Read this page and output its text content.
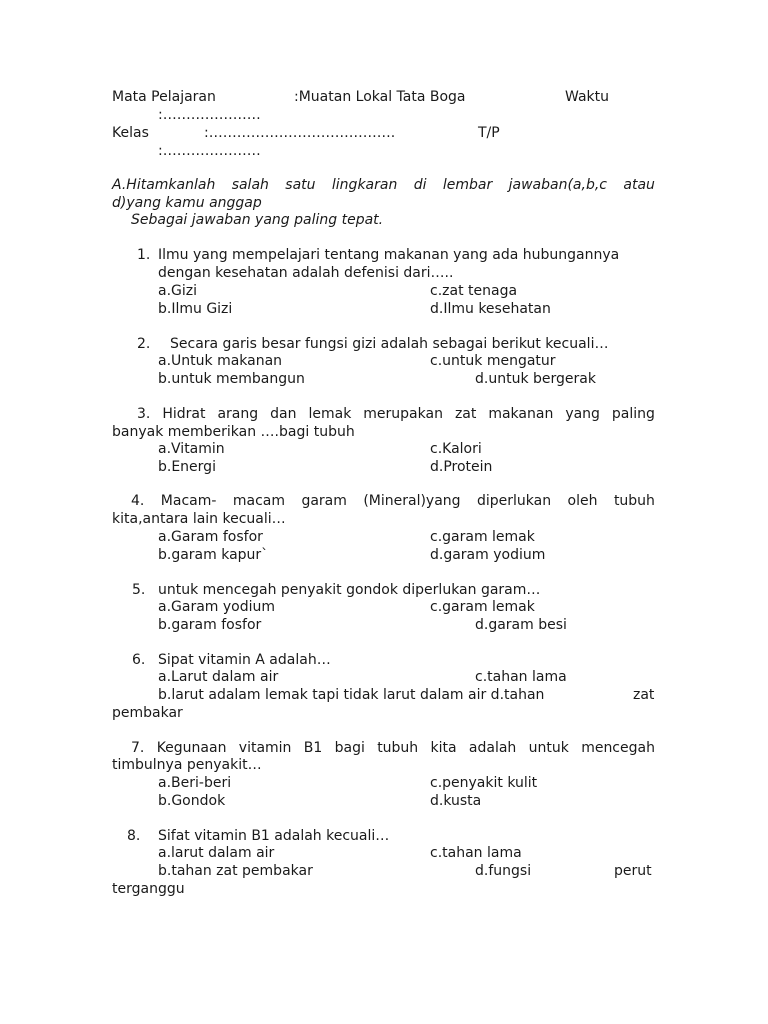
Mata Pelajaran	:Muatan Lokal Tata Boga	Waktu
:…………………
Kelas	:………………………………….	T/P
:…………………
A.Hitamkanlah salah satu lingkaran di lembar jawaban(a,b,c atau
d)yang kamu anggap
Sebagai jawaban yang paling tepat.
1. Ilmu yang mempelajari tentang makanan yang ada hubungannya
dengan kesehatan adalah defenisi dari…..
a.Gizi	c.zat tenaga
b.Ilmu Gizi	d.Ilmu kesehatan
2. Secara garis besar fungsi gizi adalah sebagai berikut kecuali…
a.Untuk makanan	c.untuk mengatur
b.untuk membangun	d.untuk bergerak
3. Hidrat arang dan lemak merupakan zat makanan yang paling
banyak memberikan ….bagi tubuh
a.Vitamin	c.Kalori
b.Energi	d.Protein
4. Macam- macam garam (Mineral)yang diperlukan oleh tubuh
kita,antara lain kecuali…
a.Garam fosfor	c.garam lemak
b.garam kapur`	d.garam yodium
5. untuk mencegah penyakit gondok diperlukan garam…
a.Garam yodium	c.garam lemak
b.garam fosfor	d.garam besi
6. Sipat vitamin A adalah…
a.Larut dalam air	c.tahan lama
b.larut adalam lemak tapi tidak larut dalam air d.tahan	zat
pembakar
7. Kegunaan vitamin B1 bagi tubuh kita adalah untuk mencegah
timbulnya penyakit…
a.Beri-beri	c.penyakit kulit
b.Gondok	d.kusta
8. Sifat vitamin B1 adalah kecuali…
a.larut dalam air	c.tahan lama
b.tahan zat pembakar	d.fungsi	perut
terganggu
